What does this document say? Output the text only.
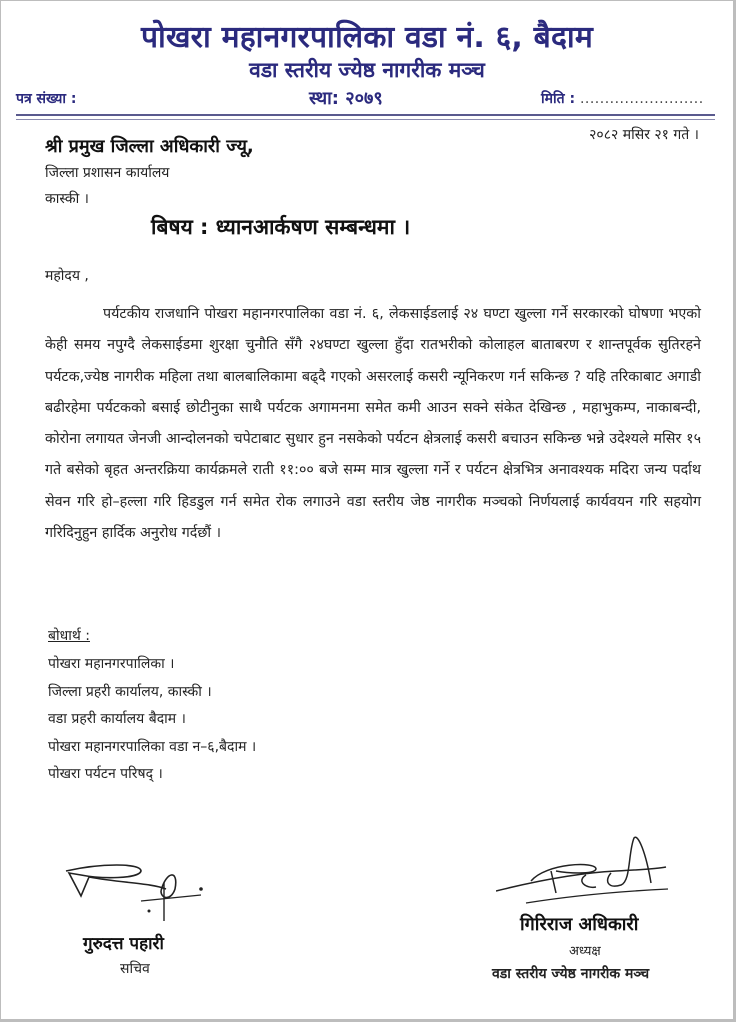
पोखरा महानगरपालिका वडा नं. ६, बैदाम
वडा स्तरीय ज्येष्ठ नागरीक मञ्च
पत्र संख्या :	स्था: २०७९	मिति : .........................
२०८२ मसिर २१ गते ।
श्री प्रमुख जिल्ला अधिकारी ज्यू,
जिल्ला प्रशासन कार्यालय
कास्की ।
बिषय : ध्यानआर्कषण सम्बन्धमा ।
महोदय ,
पर्यटकीय राजधानि पोखरा महानगरपालिका वडा नं. ६, लेकसाईडलाई २४ घण्टा खुल्ला गर्ने सरकारको घोषणा भएको केही समय नपुग्दै लेकसाईडमा शुरक्षा चुनौति सँगै २४घण्टा खुल्ला हुँदा रातभरीको कोलाहल बाताबरण र शान्तपूर्वक सुतिरहने पर्यटक,ज्येष्ठ नागरीक महिला तथा बालबालिकामा बढ्दै गएको असरलाई कसरी न्यूनिकरण गर्न सकिन्छ ? यहि तरिकाबाट अगाडी बढीरहेमा पर्यटकको बसाई छोटीनुका साथै पर्यटक अगामनमा समेत कमी आउन सक्ने संकेत देखिन्छ , महाभुकम्प, नाकाबन्दी, कोरोना लगायत जेनजी आन्दोलनको चपेटाबाट सुधार हुन नसकेको पर्यटन क्षेत्रलाई कसरी बचाउन सकिन्छ भन्ने उदेश्यले मसिर १५ गते बसेको बृहत अन्तरक्रिया कार्यक्रमले राती ११:०० बजे सम्म मात्र खुल्ला गर्ने र पर्यटन क्षेत्रभित्र अनावश्यक मदिरा जन्य पर्दाथ सेवन गरि हो–हल्ला गरि हिडडुल गर्न समेत रोक लगाउने वडा स्तरीय जेष्ठ नागरीक मञ्चको निर्णयलाई कार्यवयन गरि सहयोग गरिदिनुहुन हार्दिक अनुरोध गर्दछौं ।
बोधार्थ :
पोखरा महानगरपालिका ।
जिल्ला प्रहरी कार्यालय, कास्की ।
वडा प्रहरी कार्यालय बैदाम ।
पोखरा महानगरपालिका वडा न–६,बैदाम ।
पोखरा पर्यटन परिषद् ।
गुरुदत्त पहारी
सचिव
गिरिराज अधिकारी
अध्यक्ष
वडा स्तरीय ज्येष्ठ नागरीक मञ्च
